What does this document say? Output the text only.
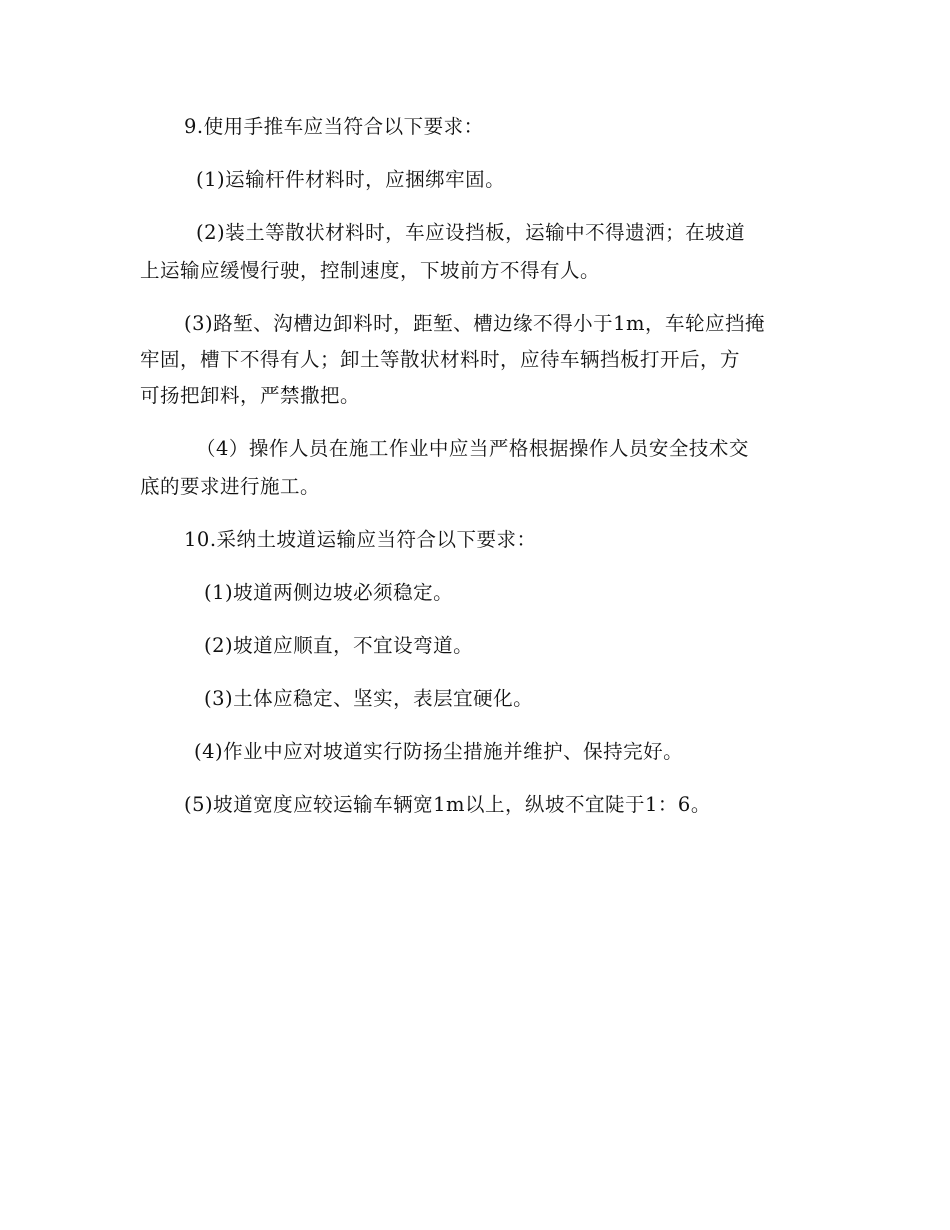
9.使用手推车应当符合以下要求：
(1)运输杆件材料时，应捆绑牢固。
(2)装土等散状材料时，车应设挡板，运输中不得遗洒；在坡道
上运输应缓慢行驶，控制速度，下坡前方不得有人。
(3)路堑、沟槽边卸料时，距堑、槽边缘不得小于1m，车轮应挡掩
牢固，槽下不得有人；卸土等散状材料时，应待车辆挡板打开后，方
可扬把卸料，严禁撒把。
（4）操作人员在施工作业中应当严格根据操作人员安全技术交
底的要求进行施工。
10.采纳土坡道运输应当符合以下要求：
(1)坡道两侧边坡必须稳定。
(2)坡道应顺直，不宜设弯道。
(3)土体应稳定、坚实，表层宜硬化。
(4)作业中应对坡道实行防扬尘措施并维护、保持完好。
(5)坡道宽度应较运输车辆宽1m以上，纵坡不宜陡于1：6。
